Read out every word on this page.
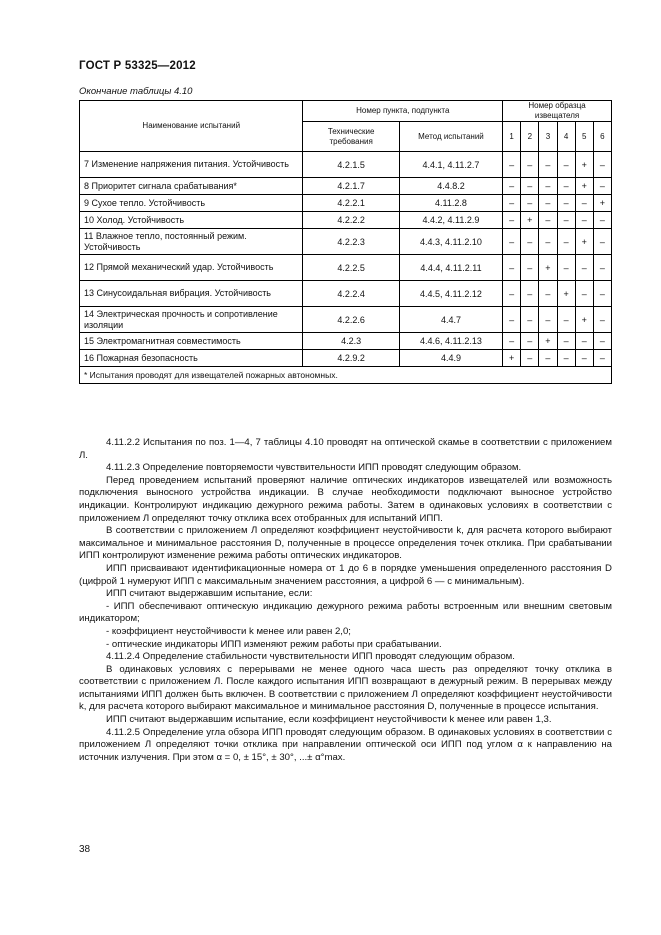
ГОСТ Р 53325—2012
Окончание таблицы 4.10
Наименование испытаний	Номер пункта, подпункта		Номер образца извещателя					
	Технические требования	Метод испытаний	1	2	3	4	5	6
7 Изменение напряжения питания. Устойчивость	4.2.1.5	4.4.1, 4.11.2.7	–	–	–	–	+	–
8 Приоритет сигнала срабатывания*	4.2.1.7	4.4.8.2	–	–	–	–	+	–
9 Сухое тепло. Устойчивость	4.2.2.1	4.11.2.8	–	–	–	–	–	+
10 Холод. Устойчивость	4.2.2.2	4.4.2, 4.11.2.9	–	+	–	–	–	–
11 Влажное тепло, постоянный режим. Устойчивость	4.2.2.3	4.4.3, 4.11.2.10	–	–	–	–	+	–
12 Прямой механический удар. Устойчивость	4.2.2.5	4.4.4, 4.11.2.11	–	–	+	–	–	–
13 Синусоидальная вибрация. Устойчивость	4.2.2.4	4.4.5, 4.11.2.12	–	–	–	+	–	–
14 Электрическая прочность и сопротивление изоляции	4.2.2.6	4.4.7	–	–	–	–	+	–
15 Электромагнитная совместимость	4.2.3	4.4.6, 4.11.2.13	–	–	+	–	–	–
16 Пожарная безопасность	4.2.9.2	4.4.9	+	–	–	–	–	–
* Испытания проводят для извещателей пожарных автономных.								

4.11.2.2 Испытания по поз. 1—4, 7 таблицы 4.10 проводят на оптической скамье в соответствии с приложением Л.

4.11.2.3 Определение повторяемости чувствительности ИПП проводят следующим образом.

Перед проведением испытаний проверяют наличие оптических индикаторов извещателей или возможность подключения выносного устройства индикации. В случае необходимости подключают выносное устройство индикации. Контролируют индикацию дежурного режима работы. Затем в одинаковых условиях в соответствии с приложением Л определяют точку отклика всех отобранных для испытаний ИПП.

В соответствии с приложением Л определяют коэффициент неустойчивости k, для расчета которого выбирают максимальное и минимальное расстояния D, полученные в процессе определения точек отклика. При срабатывании ИПП контролируют изменение режима работы оптических индикаторов.

ИПП присваивают идентификационные номера от 1 до 6 в порядке уменьшения определенного расстояния D (цифрой 1 нумеруют ИПП с максимальным значением расстояния, а цифрой 6 — с минимальным).

ИПП считают выдержавшим испытание, если:

- ИПП обеспечивают оптическую индикацию дежурного режима работы встроенным или внешним световым индикатором;

- коэффициент неустойчивости k менее или равен 2,0;

- оптические индикаторы ИПП изменяют режим работы при срабатывании.

4.11.2.4 Определение стабильности чувствительности ИПП проводят следующим образом.

В одинаковых условиях с перерывами не менее одного часа шесть раз определяют точку отклика в соответствии с приложением Л. После каждого испытания ИПП возвращают в дежурный режим. В перерывах между испытаниями ИПП должен быть включен. В соответствии с приложением Л определяют коэффициент неустойчивости k, для расчета которого выбирают максимальное и минимальное расстояния D, полученные в процессе испытания.

ИПП считают выдержавшим испытание, если коэффициент неустойчивости k менее или равен 1,3.

4.11.2.5 Определение угла обзора ИПП проводят следующим образом. В одинаковых условиях в соответствии с приложением Л определяют точки отклика при направлении оптической оси ИПП под углом α к направлению на источник излучения. При этом α = 0, ± 15°, ± 30°, ...± α°max.

38
